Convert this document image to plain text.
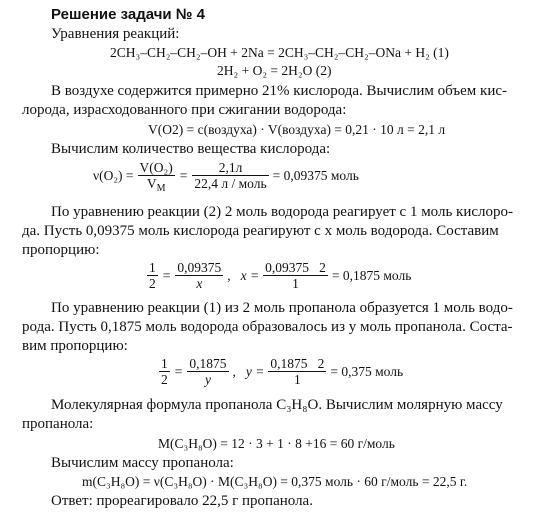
Решение задачи № 4
Уравнения реакций:
2CH₃–CH₂–CH₂–OH + 2Na = 2CH₃–CH₂–CH₂–ONa + H₂ (1)
2H₂ + O₂ = 2H₂O (2)
В воздухе содержится примерно 21% кислорода. Вычислим объем кис-
лорода, израсходованного при сжигании водорода:
V(O2) = c(воздуха) · V(воздуха) = 0,21 · 10 л = 2,1 л
Вычислим количество вещества кислорода:
$\nu(O_2) = \frac{\text{V(O₂)}}{V_M} = \frac{2,1л}{\text{22,4 л / моль}} = 0,09375$ моль
По уравнению реакции (2) 2 моль водорода реагирует с 1 моль кислоро-
да. Пусть 0,09375 моль кислорода реагируют с х моль водорода. Составим
пропорцию:
$\frac{1}{2} = \frac{0,09375}{x}$ , $x = \frac{0,09375 2}{1} = 0,1875$ моль
По уравнению реакции (1) из 2 моль пропанола образуется 1 моль водо-
рода. Пусть 0,1875 моль водорода образовалось из у моль пропанола. Соста-
вим пропорцию:
$\frac{1}{2} = \frac{0,1875}{y}$ , $y = \frac{0,1875 2}{1} = 0,375$ моль
Молекулярная формула пропанола C₃H₈O. Вычислим молярную массу
пропанола:
M(C₃H₈O) = 12 · 3 + 1 · 8 +16 = 60 г/моль
Вычислим массу пропанола:
m(C₃H₈O) = ν(C₃H₈O) · M(C₃H₈O) = 0,375 моль · 60 г/моль = 22,5 г.
Ответ: прореагировало 22,5 г пропанола.
